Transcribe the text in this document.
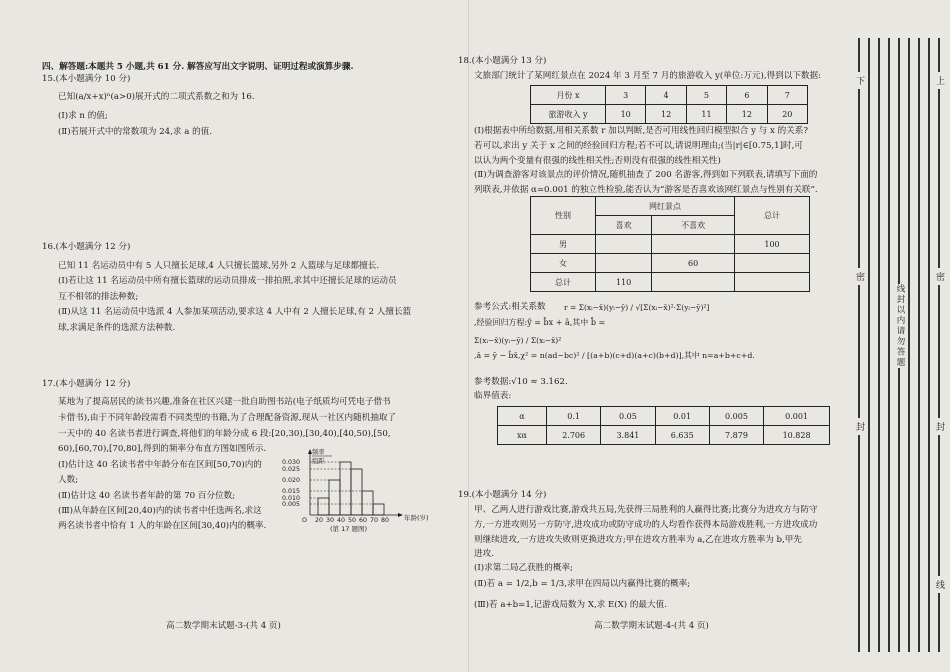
四、解答题:本题共 5 小题,共 61 分. 解答应写出文字说明、证明过程或演算步骤.
15.(本小题满分 10 分)
已知(a/x+x)ⁿ(a>0)展开式的二项式系数之和为 16.
(Ⅰ)求 n 的值;
(Ⅱ)若展开式中的常数项为 24,求 a 的值.
16.(本小题满分 12 分)
已知 11 名运动员中有 5 人只擅长足球,4 人只擅长篮球,另外 2 人篮球与足球都擅长.
(Ⅰ)若让这 11 名运动员中所有擅长篮球的运动员排成一排拍照,求其中还擅长足球的运动员
互不相邻的排法种数;
(Ⅱ)从这 11 名运动员中选派 4 人参加某项活动,要求这 4 人中有 2 人擅长足球,有 2 人擅长篮
球,求满足条件的选派方法种数.
17.(本小题满分 12 分)
某地为了提高居民的读书兴趣,准备在社区兴建一批自助图书站(电子纸质均可凭电子借书
卡借书),由于不同年龄段需看不同类型的书籍,为了合理配备资源,现从一社区内随机抽取了
一天中的 40 名读书者进行调查,将他们的年龄分成 6 段:[20,30),[30,40),[40,50),[50,
60),[60,70),[70,80],得到的频率分布直方图如图所示.
(Ⅰ)估计这 40 名读书者中年龄分布在区间[50,70)内的
人数;
(Ⅱ)估计这 40 名读书者年龄的第 70 百分位数;
(Ⅲ)从年龄在区间[20,40)内的读书者中任选两名,求这
两名读书者中恰有 1 人的年龄在区间[30,40)内的概率.
频率
组距
0.030
0.025
0.020
0.015
0.010
0.005
O 20 30 40 50 60 70 80 年龄(岁)
(第 17 题图)
高二数学期末试题-3-(共 4 页)
18.(本小题满分 13 分)
文旅部门统计了某网红景点在 2024 年 3 月至 7 月的旅游收入 y(单位:万元),得到以下数据:
月份 x	3	4	5	6	7
旅游收入 y	10	12	11	12	20
(Ⅰ)根据表中所给数据,用相关系数 r 加以判断,是否可用线性回归模型拟合 y 与 x 的关系?
若可以,求出 y 关于 x 之间的经验回归方程;若不可以,请说明理由;(当|r|∈[0.75,1]时,可
以认为两个变量有很强的线性相关性;否则没有很强的线性相关性)
(Ⅱ)为调查游客对该景点的评价情况,随机抽查了 200 名游客,得到如下列联表,请填写下面的
列联表,并依据 α=0.001 的独立性检验,能否认为“游客是否喜欢该网红景点与性别有关联”.
性别	网红景点		总计
	喜欢	不喜欢	
男			100
女		60	
总计	110		
参考公式:相关系数 r = Σ(xᵢ−x̄)(yᵢ−ȳ) / √[Σ(xᵢ−x̄)²·Σ(yᵢ−ȳ)²]
,经验回归方程:ŷ = b̂x + â,其中 b̂ =
Σ(xᵢ−x̄)(yᵢ−ȳ) / Σ(xᵢ−x̄)²
,â = ȳ − b̂x̄,χ² = n(ad−bc)² / [(a+b)(c+d)(a+c)(b+d)],其中 n=a+b+c+d.
参考数据:√10 ≈ 3.162.
临界值表:
α	0.1	0.05	0.01	0.005	0.001
xα	2.706	3.841	6.635	7.879	10.828
19.(本小题满分 14 分)
甲、乙两人进行游戏比赛,游戏共五局,先获得三局胜利的人赢得比赛;比赛分为进攻方与防守
方,一方进攻则另一方防守,进攻成功或防守成功的人均看作获得本局游戏胜利,一方进攻成功
则继续进攻,一方进攻失败则更换进攻方;甲在进攻方胜率为 a,乙在进攻方胜率为 b,甲先
进攻.
(Ⅰ)求第二局乙获胜的概率;
(Ⅱ)若 a = 1/2,b = 1/3,求甲在四局以内赢得比赛的概率;
(Ⅲ)若 a+b=1,记游戏局数为 X,求 E(X) 的最大值.
高二数学期末试题-4-(共 4 页)
下	上
密	密
线封以内请勿答题
封	封
线
